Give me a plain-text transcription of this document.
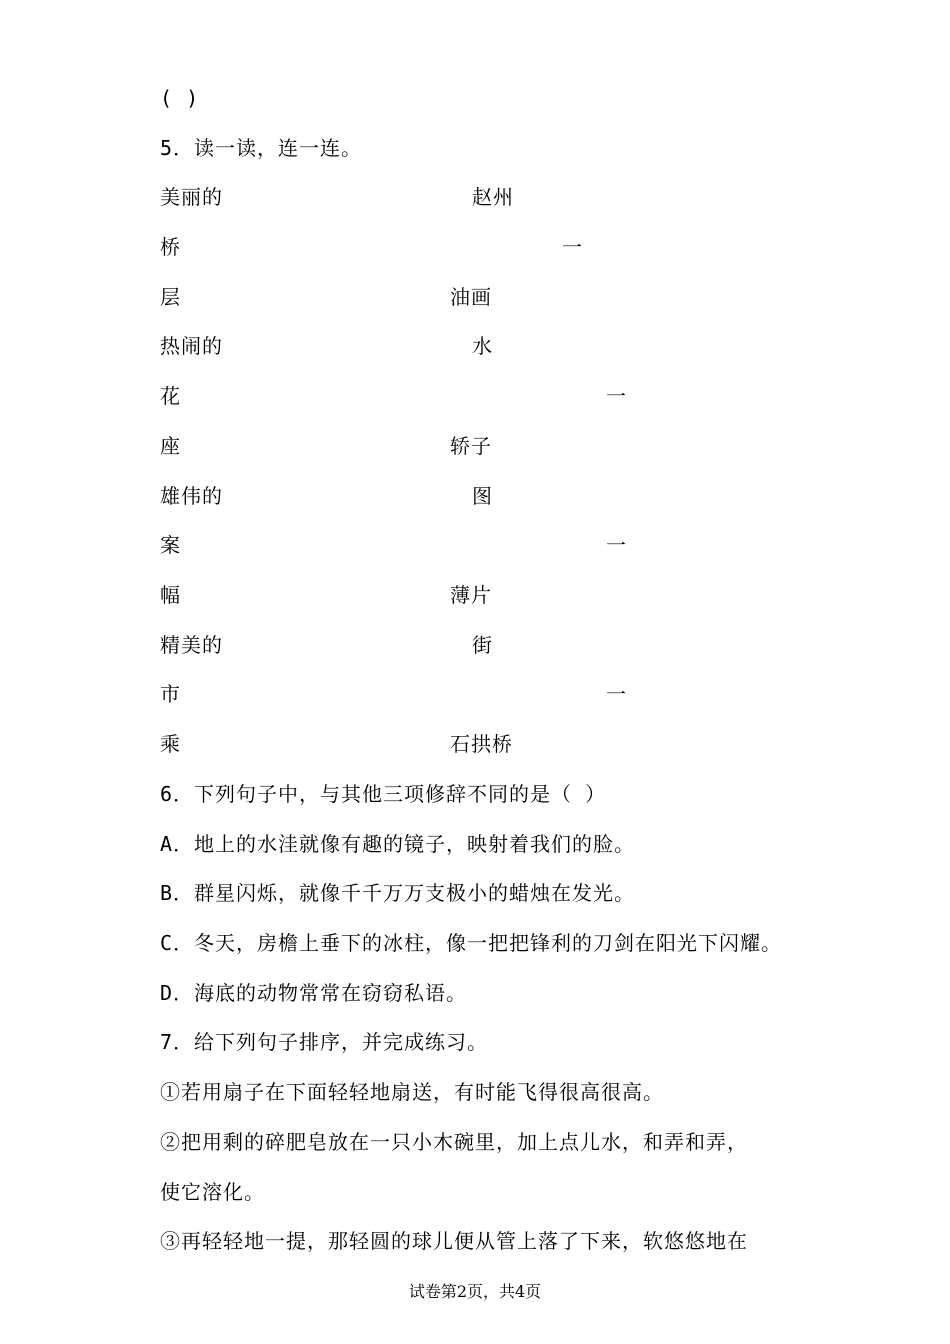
( )
5．读一读，连一连。
美丽的	赵州
桥	一
层	油画
热闹的	水
花	一
座	轿子
雄伟的	图
案	一
幅	薄片
精美的	街
市	一
乘	石拱桥
6．下列句子中，与其他三项修辞不同的是（ ）
A．地上的水洼就像有趣的镜子，映射着我们的脸。
B．群星闪烁，就像千千万万支极小的蜡烛在发光。
C．冬天，房檐上垂下的冰柱，像一把把锋利的刀剑在阳光下闪耀。
D．海底的动物常常在窃窃私语。
7．给下列句子排序，并完成练习。
①若用扇子在下面轻轻地扇送，有时能飞得很高很高。
②把用剩的碎肥皂放在一只小木碗里，加上点儿水，和弄和弄，
使它溶化。
③再轻轻地一提，那轻圆的球儿便从管上落了下来，软悠悠地在
试卷第2页，共4页
